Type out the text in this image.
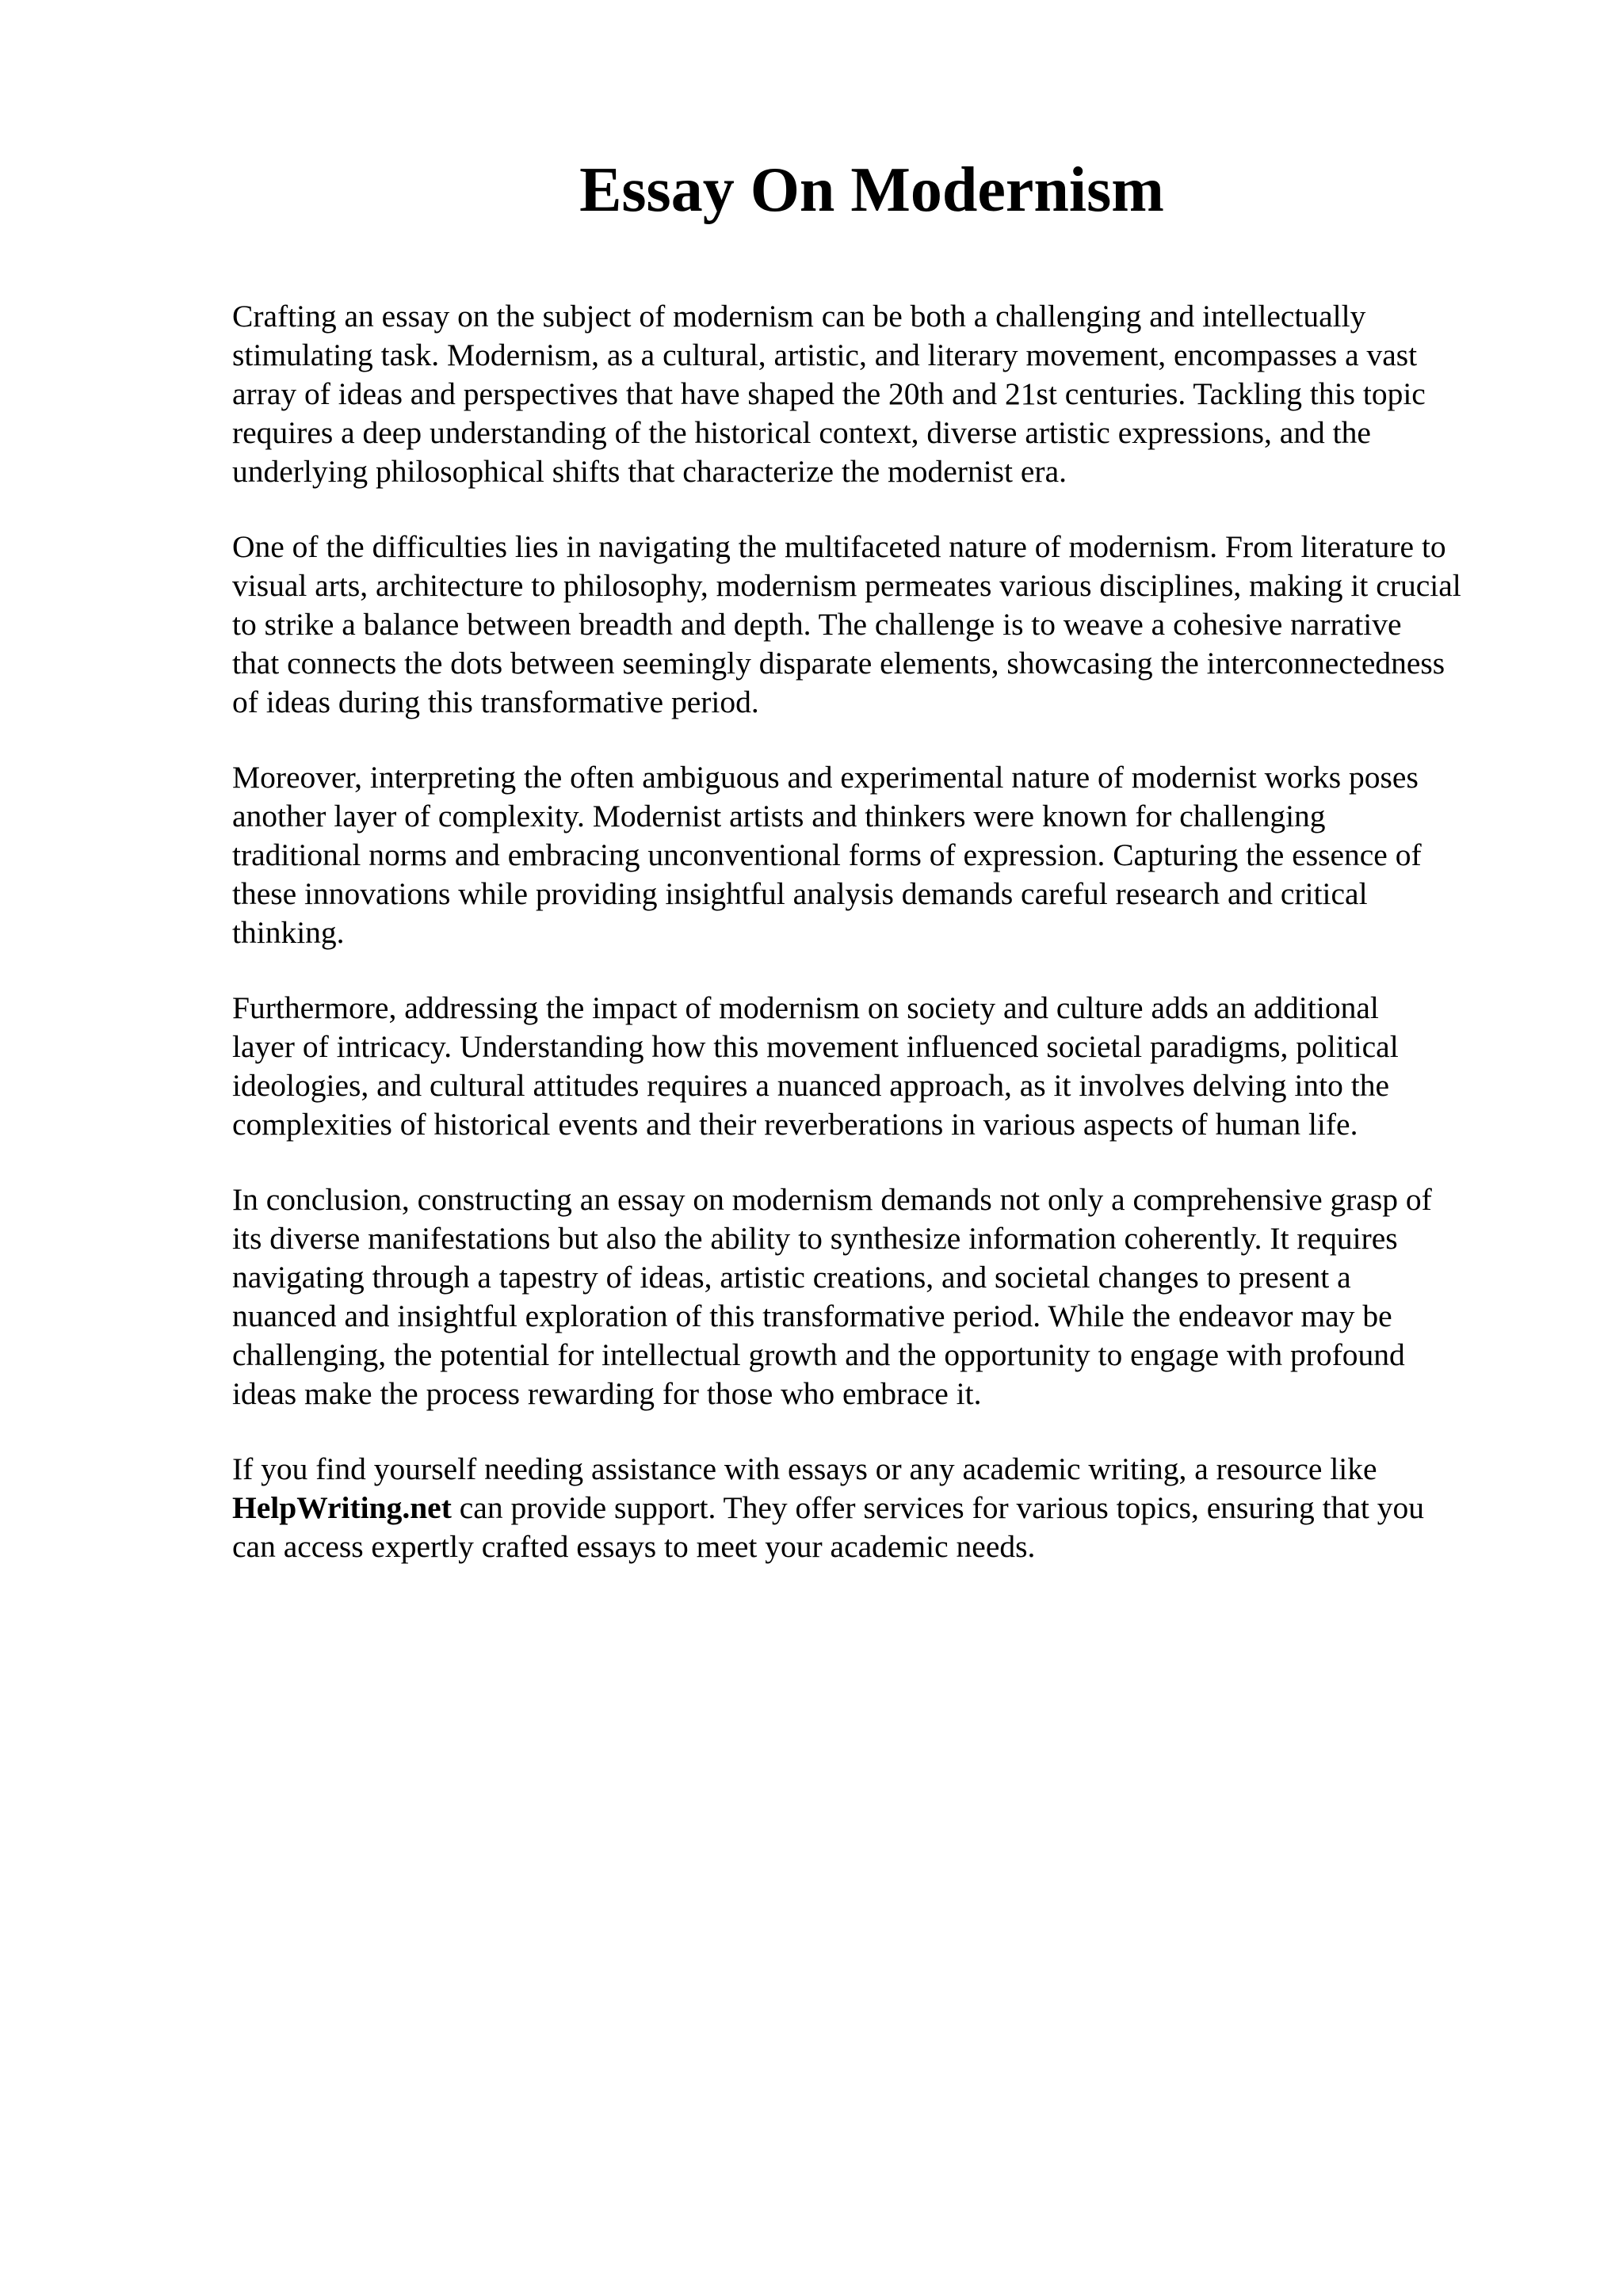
Essay On Modernism

Crafting an essay on the subject of modernism can be both a challenging and intellectually
stimulating task. Modernism, as a cultural, artistic, and literary movement, encompasses a vast
array of ideas and perspectives that have shaped the 20th and 21st centuries. Tackling this topic
requires a deep understanding of the historical context, diverse artistic expressions, and the
underlying philosophical shifts that characterize the modernist era.

One of the difficulties lies in navigating the multifaceted nature of modernism. From literature to
visual arts, architecture to philosophy, modernism permeates various disciplines, making it crucial
to strike a balance between breadth and depth. The challenge is to weave a cohesive narrative
that connects the dots between seemingly disparate elements, showcasing the interconnectedness
of ideas during this transformative period.

Moreover, interpreting the often ambiguous and experimental nature of modernist works poses
another layer of complexity. Modernist artists and thinkers were known for challenging
traditional norms and embracing unconventional forms of expression. Capturing the essence of
these innovations while providing insightful analysis demands careful research and critical
thinking.

Furthermore, addressing the impact of modernism on society and culture adds an additional
layer of intricacy. Understanding how this movement influenced societal paradigms, political
ideologies, and cultural attitudes requires a nuanced approach, as it involves delving into the
complexities of historical events and their reverberations in various aspects of human life.

In conclusion, constructing an essay on modernism demands not only a comprehensive grasp of
its diverse manifestations but also the ability to synthesize information coherently. It requires
navigating through a tapestry of ideas, artistic creations, and societal changes to present a
nuanced and insightful exploration of this transformative period. While the endeavor may be
challenging, the potential for intellectual growth and the opportunity to engage with profound
ideas make the process rewarding for those who embrace it.

If you find yourself needing assistance with essays or any academic writing, a resource like
HelpWriting.net can provide support. They offer services for various topics, ensuring that you
can access expertly crafted essays to meet your academic needs.
